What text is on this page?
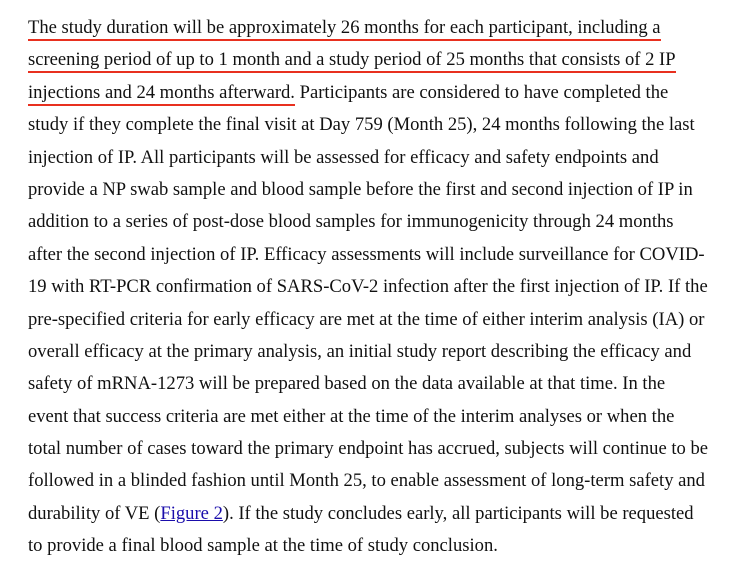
The study duration will be approximately 26 months for each participant, including a
screening period of up to 1 month and a study period of 25 months that consists of 2 IP
injections and 24 months afterward. Participants are considered to have completed the
study if they complete the final visit at Day 759 (Month 25), 24 months following the last
injection of IP. All participants will be assessed for efficacy and safety endpoints and
provide a NP swab sample and blood sample before the first and second injection of IP in
addition to a series of post-dose blood samples for immunogenicity through 24 months
after the second injection of IP. Efficacy assessments will include surveillance for COVID-
19 with RT-PCR confirmation of SARS-CoV-2 infection after the first injection of IP. If the
pre-specified criteria for early efficacy are met at the time of either interim analysis (IA) or
overall efficacy at the primary analysis, an initial study report describing the efficacy and
safety of mRNA-1273 will be prepared based on the data available at that time. In the
event that success criteria are met either at the time of the interim analyses or when the
total number of cases toward the primary endpoint has accrued, subjects will continue to be
followed in a blinded fashion until Month 25, to enable assessment of long-term safety and
durability of VE (Figure 2). If the study concludes early, all participants will be requested
to provide a final blood sample at the time of study conclusion.
